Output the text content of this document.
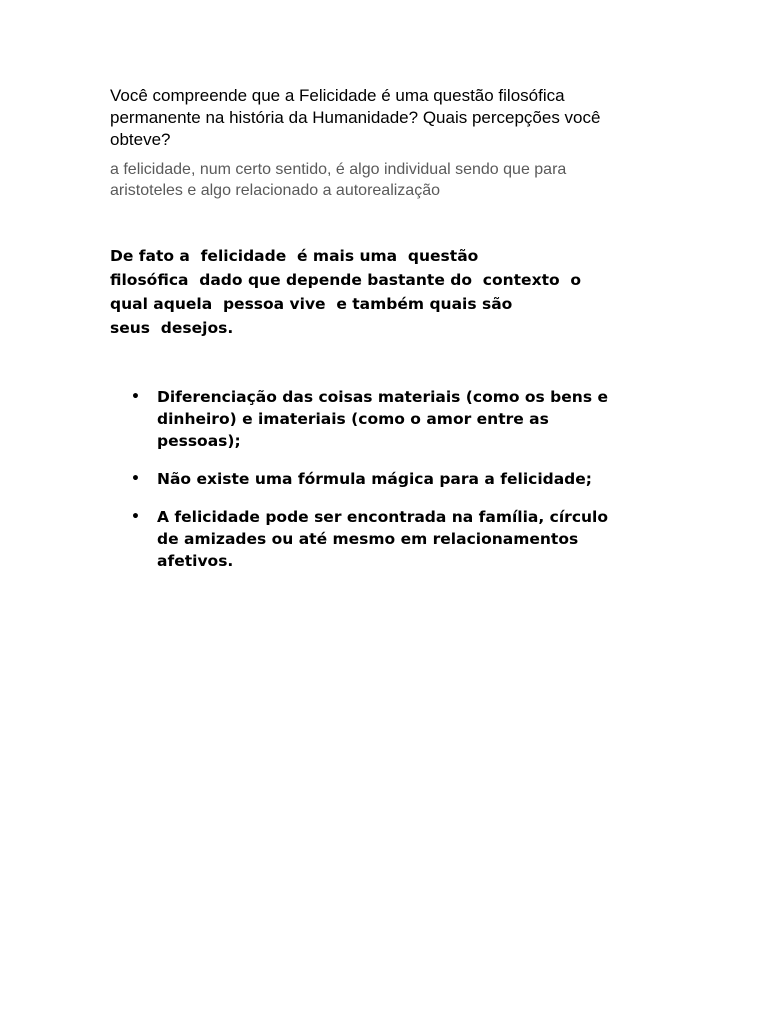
Você compreende que a Felicidade é uma questão filosófica
permanente na história da Humanidade? Quais percepções você
obteve?
a felicidade, num certo sentido, é algo individual sendo que para
aristoteles e algo relacionado a autorealização
De fato a  felicidade  é mais uma  questão
filosófica  dado que depende bastante do  contexto  o
qual aquela  pessoa vive  e também quais são
seus  desejos.
• Diferenciação das coisas materiais (como os bens e
dinheiro) e imateriais (como o amor entre as
pessoas);
• Não existe uma fórmula mágica para a felicidade;
• A felicidade pode ser encontrada na família, círculo
de amizades ou até mesmo em relacionamentos
afetivos.
